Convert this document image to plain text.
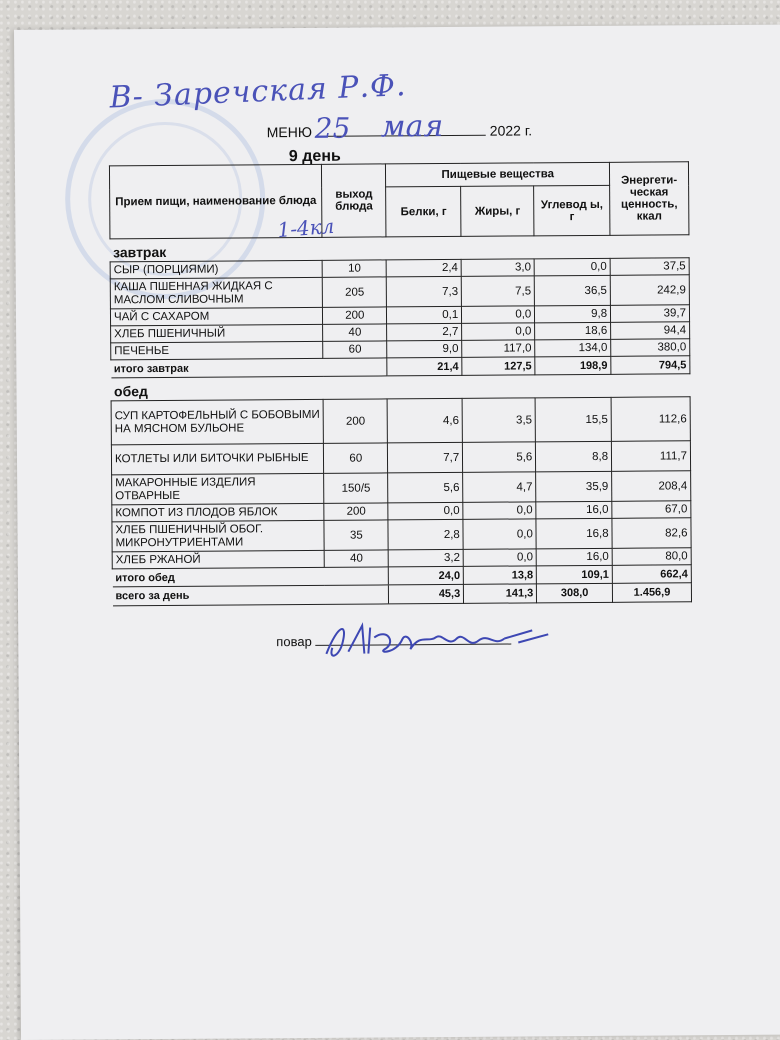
В- Заречская Р.Ф.
МЕНЮ	2022 г.
25 мая
9 день
Прием пищи, наименование блюда	выход блюда	Пищевые вещества			Энергети-ческая ценность, ккал
		Белки, г	Жиры, г	Углевод ы, г	
завтрак					
СЫР (ПОРЦИЯМИ)	10	2,4	3,0	0,0	37,5
КАША ПШЕННАЯ ЖИДКАЯ С МАСЛОМ СЛИВОЧНЫМ	205	7,3	7,5	36,5	242,9
ЧАЙ С САХАРОМ	200	0,1	0,0	9,8	39,7
ХЛЕБ ПШЕНИЧНЫЙ	40	2,7	0,0	18,6	94,4
ПЕЧЕНЬЕ	60	9,0	117,0	134,0	380,0
итого завтрак		21,4	127,5	198,9	794,5
обед					
СУП КАРТОФЕЛЬНЫЙ С БОБОВЫМИ НА МЯСНОМ БУЛЬОНЕ	200	4,6	3,5	15,5	112,6
КОТЛЕТЫ ИЛИ БИТОЧКИ РЫБНЫЕ	60	7,7	5,6	8,8	111,7
МАКАРОННЫЕ ИЗДЕЛИЯ ОТВАРНЫЕ	150/5	5,6	4,7	35,9	208,4
КОМПОТ ИЗ ПЛОДОВ ЯБЛОК	200	0,0	0,0	16,0	67,0
ХЛЕБ ПШЕНИЧНЫЙ ОБОГ. МИКРОНУТРИЕНТАМИ	35	2,8	0,0	16,8	82,6
ХЛЕБ РЖАНОЙ	40	3,2	0,0	16,0	80,0
итого обед		24,0	13,8	109,1	662,4
всего за день		45,3	141,3	308,0	1.456,9
1-4кл
повар
